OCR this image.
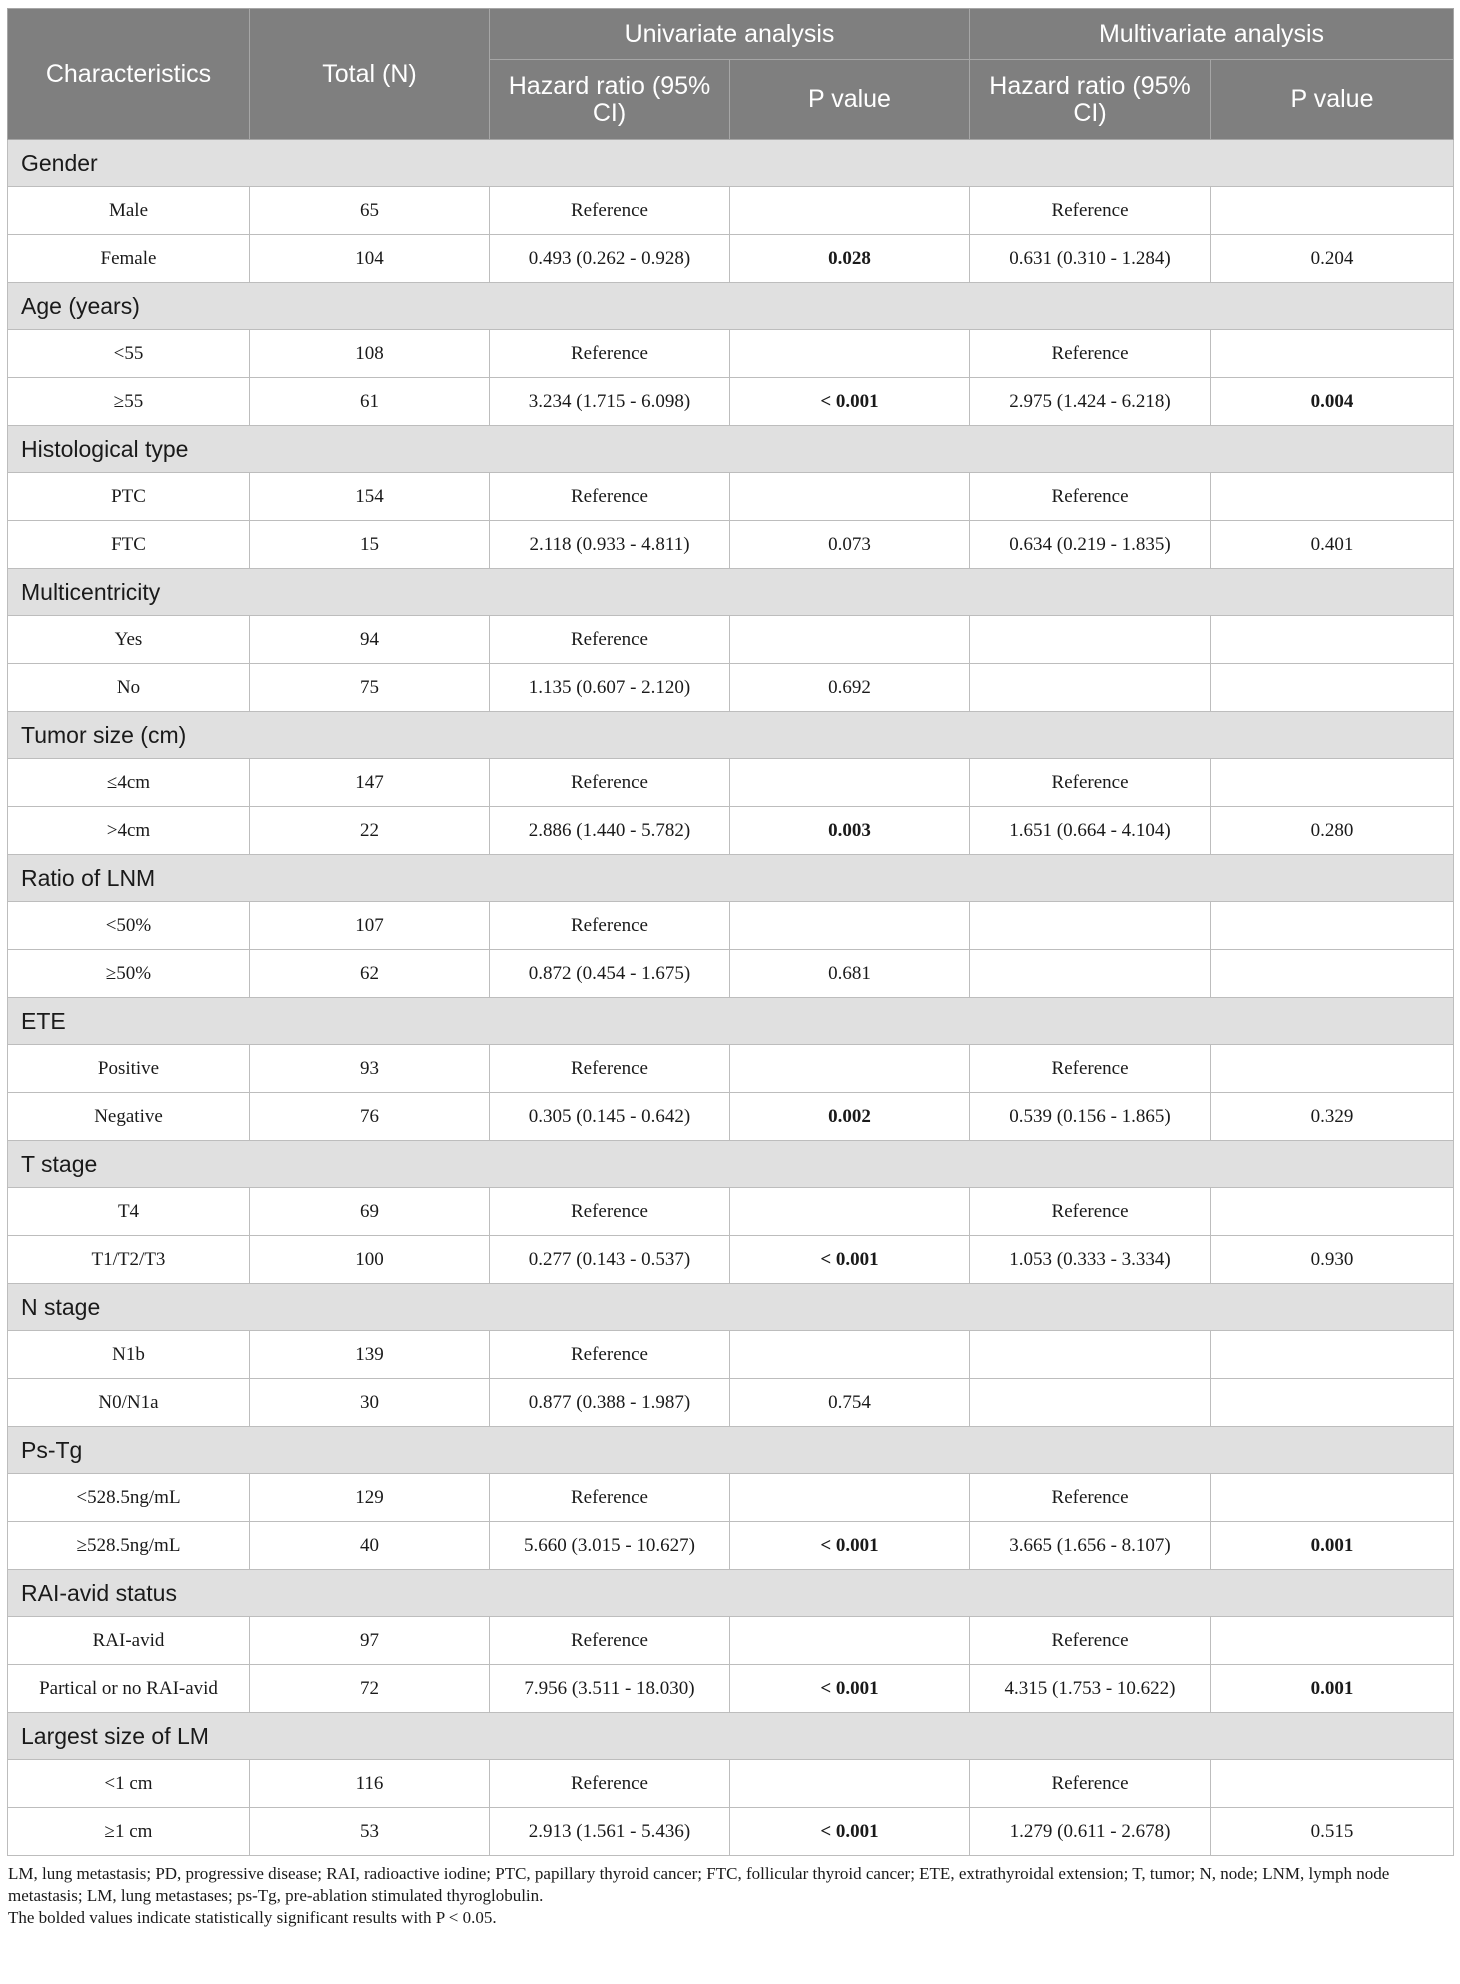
Characteristics	Total (N)	Univariate analysis		Multivariate analysis	
		Hazard ratio (95% CI)	P value	Hazard ratio (95% CI)	P value
Gender					
Male	65	Reference		Reference	
Female	104	0.493 (0.262 - 0.928)	0.028	0.631 (0.310 - 1.284)	0.204
Age (years)					
<55	108	Reference		Reference	
≥55	61	3.234 (1.715 - 6.098)	< 0.001	2.975 (1.424 - 6.218)	0.004
Histological type					
PTC	154	Reference		Reference	
FTC	15	2.118 (0.933 - 4.811)	0.073	0.634 (0.219 - 1.835)	0.401
Multicentricity					
Yes	94	Reference			
No	75	1.135 (0.607 - 2.120)	0.692		
Tumor size (cm)					
≤4cm	147	Reference		Reference	
>4cm	22	2.886 (1.440 - 5.782)	0.003	1.651 (0.664 - 4.104)	0.280
Ratio of LNM					
<50%	107	Reference			
≥50%	62	0.872 (0.454 - 1.675)	0.681		
ETE					
Positive	93	Reference		Reference	
Negative	76	0.305 (0.145 - 0.642)	0.002	0.539 (0.156 - 1.865)	0.329
T stage					
T4	69	Reference		Reference	
T1/T2/T3	100	0.277 (0.143 - 0.537)	< 0.001	1.053 (0.333 - 3.334)	0.930
N stage					
N1b	139	Reference			
N0/N1a	30	0.877 (0.388 - 1.987)	0.754		
Ps-Tg					
<528.5ng/mL	129	Reference		Reference	
≥528.5ng/mL	40	5.660 (3.015 - 10.627)	< 0.001	3.665 (1.656 - 8.107)	0.001
RAI-avid status					
RAI-avid	97	Reference		Reference	
Partical or no RAI-avid	72	7.956 (3.511 - 18.030)	< 0.001	4.315 (1.753 - 10.622)	0.001
Largest size of LM					
<1 cm	116	Reference		Reference	
≥1 cm	53	2.913 (1.561 - 5.436)	< 0.001	1.279 (0.611 - 2.678)	0.515
LM, lung metastasis; PD, progressive disease; RAI, radioactive iodine; PTC, papillary thyroid cancer; FTC, follicular thyroid cancer; ETE, extrathyroidal extension; T, tumor; N, node; LNM, lymph node metastasis; LM, lung metastases; ps-Tg, pre-ablation stimulated thyroglobulin.
The bolded values indicate statistically significant results with P < 0.05.
